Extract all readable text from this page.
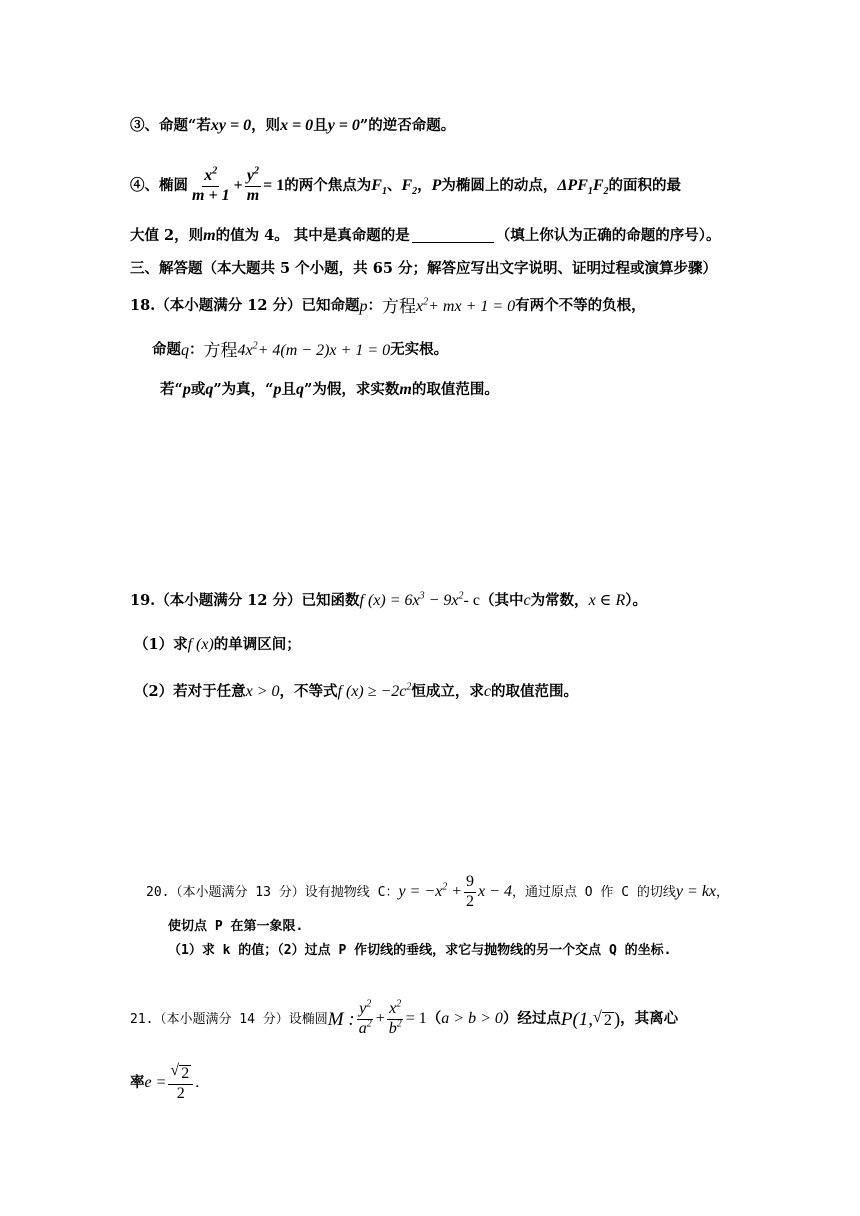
③、命题“若 xy = 0 ，则 x = 0 且 y = 0 ”的逆否命题。
④、椭圆 $\frac{x^2}{m + 1} + \frac{y^2}{m} = 1$ 的两个焦点为 $F_1$ 、 $F_2$ ， P 为椭圆上的动点， $\Delta PF_1F_2$ 的面积的最
大值 2，则 m 的值为 4。 其中是真命题的是	（填上你认为正确的命题的序号）。
三、解答题（本大题共 5 个小题，共 65 分；解答应写出文字说明、证明过程或演算步骤）
18.（本小题满分 12 分）已知命题 p ： 方程 $x^2$ + mx + 1 = 0 有两个不等的负根，
命题 q ： 方程 $4x^2 + 4(m - 2)x + 1 = 0$ 无实根。
若“ p 或 q ”为真，“ p 且 q ”为假，求实数 m 的取值范围。
19.（本小题满分 12 分）已知函数 f $(x) = 6x^3 - 9x^2 - c$ （其中 c 为常数， x ∈ R ）。
（1）求 f (x) 的单调区间；
（2）若对于任意 x > 0 ，不等式 f $(x) \ge -2c^2$ 恒成立，求 c 的取值范围。
20.（本小题满分 13 分）设有抛物线 C： $y = -x^2 + \frac{9}{2}$ x − 4 ，通过原点 O 作 C 的切线 y = kx ，
使切点 P 在第一象限.
（1）求 k 的值；（2）过点 P 作切线的垂线，求它与抛物线的另一个交点 Q 的坐标.
21.（本小题满分 14 分）设椭圆 M : $\frac{y^2}{a^2} + \frac{x^2}{b^2} = 1$ （ a > b > 0 ）经过点 P(1, √ 2 ) ，其离心
率 $e = \frac{√ 2}{2}$ .
